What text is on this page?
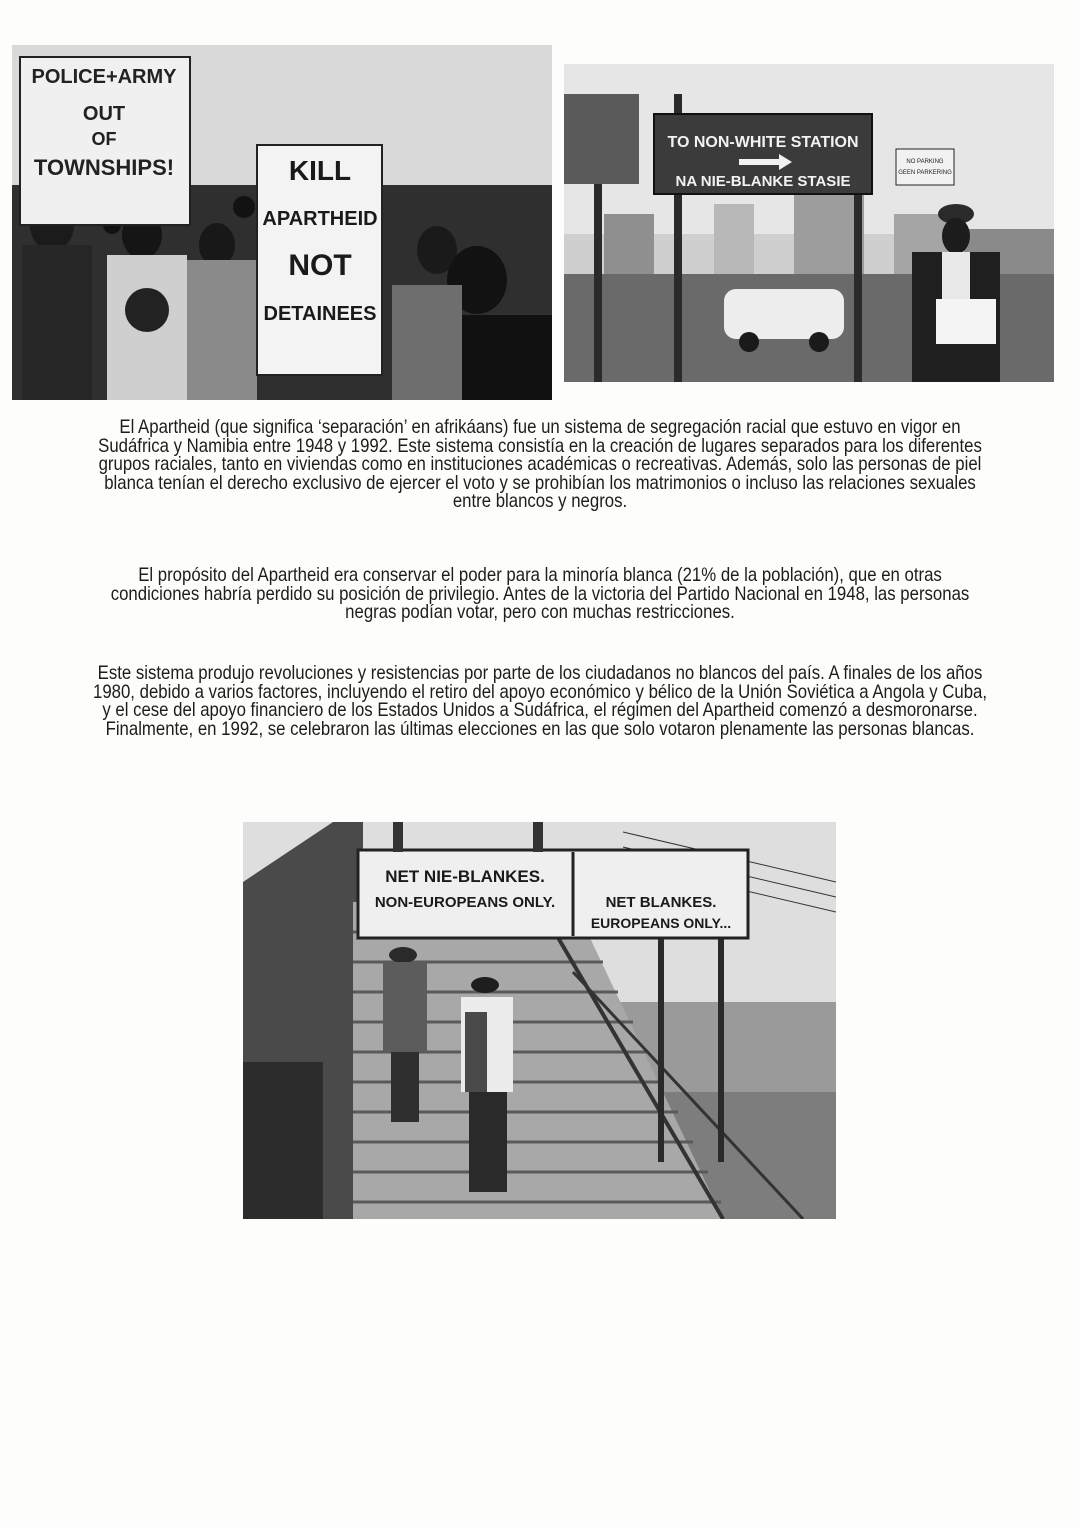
POLICE+ARMY
OUT
OF
TOWNSHIPS!	KILL
APARTHEID
NOT
DETAINEES
TO NON-WHITE STATION
NA NIE-BLANKE STASIE
NO PARKING
GEEN PARKERING

El Apartheid (que significa ‘separación’ en afrikáans) fue un sistema de segregación racial que estuvo en vigor en Sudáfrica y Namibia entre 1948 y 1992. Este sistema consistía en la creación de lugares separados para los diferentes grupos raciales, tanto en viviendas como en instituciones académicas o recreativas. Además, solo las personas de piel blanca tenían el derecho exclusivo de ejercer el voto y se prohibían los matrimonios o incluso las relaciones sexuales entre blancos y negros.

El propósito del Apartheid era conservar el poder para la minoría blanca (21% de la población), que en otras condiciones habría perdido su posición de privilegio. Antes de la victoria del Partido Nacional en 1948, las personas negras podían votar, pero con muchas restricciones.

Este sistema produjo revoluciones y resistencias por parte de los ciudadanos no blancos del país. A finales de los años 1980, debido a varios factores, incluyendo el retiro del apoyo económico y bélico de la Unión Soviética a Angola y Cuba, y el cese del apoyo financiero de los Estados Unidos a Sudáfrica, el régimen del Apartheid comenzó a desmoronarse. Finalmente, en 1992, se celebraron las últimas elecciones en las que solo votaron plenamente las personas blancas.

NET NIE-BLANKES.
NON-EUROPEANS ONLY.	NET BLANKES.
EUROPEANS ONLY...
